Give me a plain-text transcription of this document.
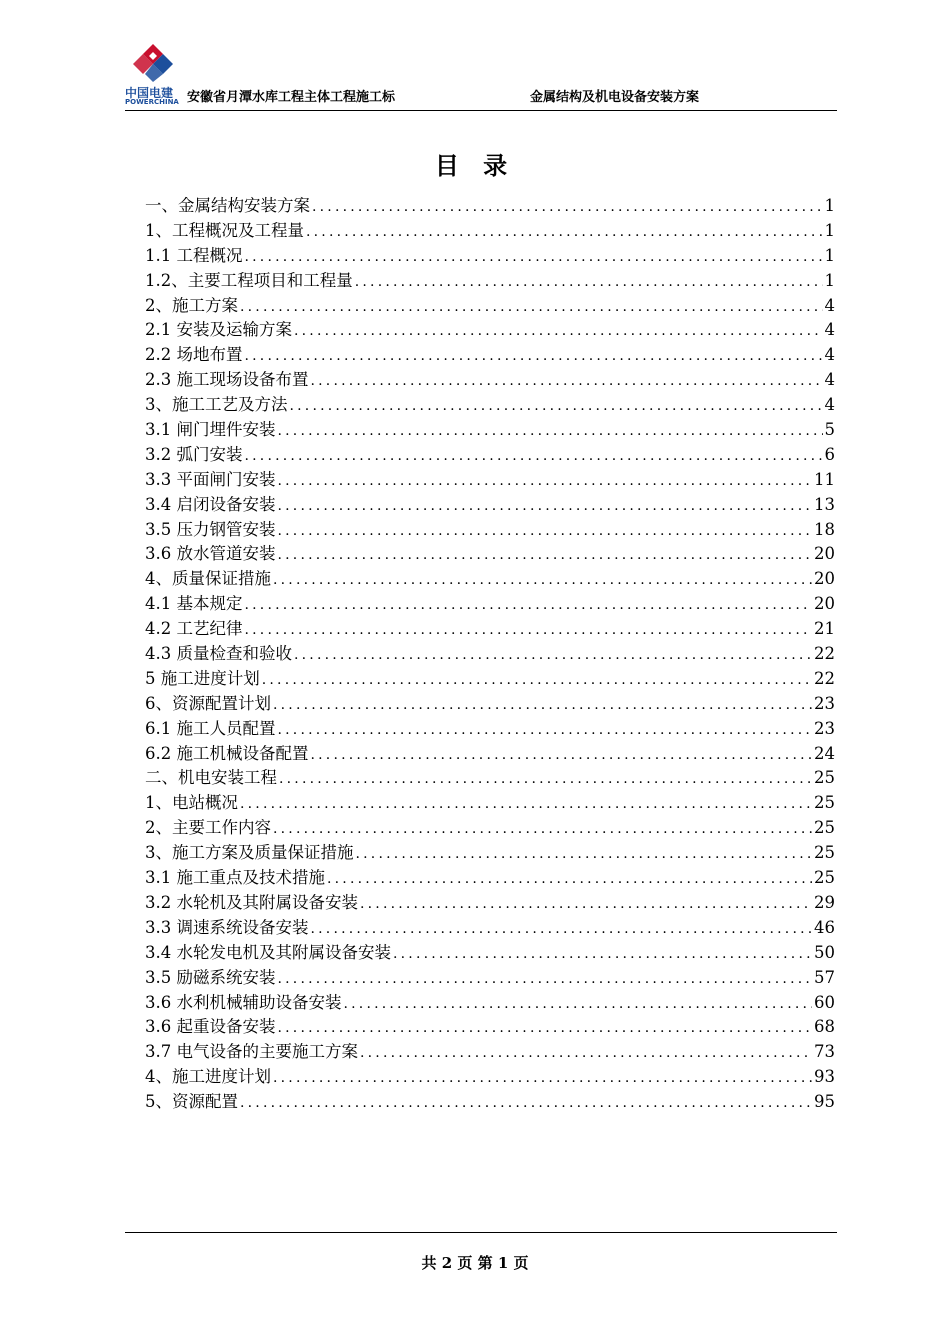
中国电建
POWERCHINA 安徽省月潭水库工程主体工程施工标	金属结构及机电设备安装方案
目 录
一、金属结构安装方案 .....	1
1、工程概况及工程量 .....	1
1.1 工程概况 .....	1
1.2、主要工程项目和工程量 .....	1
2、施工方案 .....	4
2.1 安装及运输方案 .....	4
2.2 场地布置 .....	4
2.3 施工现场设备布置 .....	4
3、施工工艺及方法 .....	4
3.1 闸门埋件安装 .....	5
3.2 弧门安装 .....	6
3.3 平面闸门安装 .....	11
3.4 启闭设备安装 .....	13
3.5 压力钢管安装 .....	18
3.6 放水管道安装 .....	20
4、质量保证措施 .....	20
4.1 基本规定 .....	20
4.2 工艺纪律 .....	21
4.3 质量检查和验收 .....	22
5 施工进度计划 .....	22
6、资源配置计划 .....	23
6.1 施工人员配置 .....	23
6.2 施工机械设备配置 .....	24
二、机电安装工程 .....	25
1、电站概况 .....	25
2、主要工作内容 .....	25
3、施工方案及质量保证措施 .....	25
3.1 施工重点及技术措施 .....	25
3.2 水轮机及其附属设备安装 .....	29
3.3 调速系统设备安装 .....	46
3.4 水轮发电机及其附属设备安装 .....	50
3.5 励磁系统安装 .....	57
3.6 水利机械辅助设备安装 .....	60
3.6 起重设备安装 .....	68
3.7 电气设备的主要施工方案 .....	73
4、施工进度计划 .....	93
5、资源配置 .....	95
共 2 页 第 1 页
